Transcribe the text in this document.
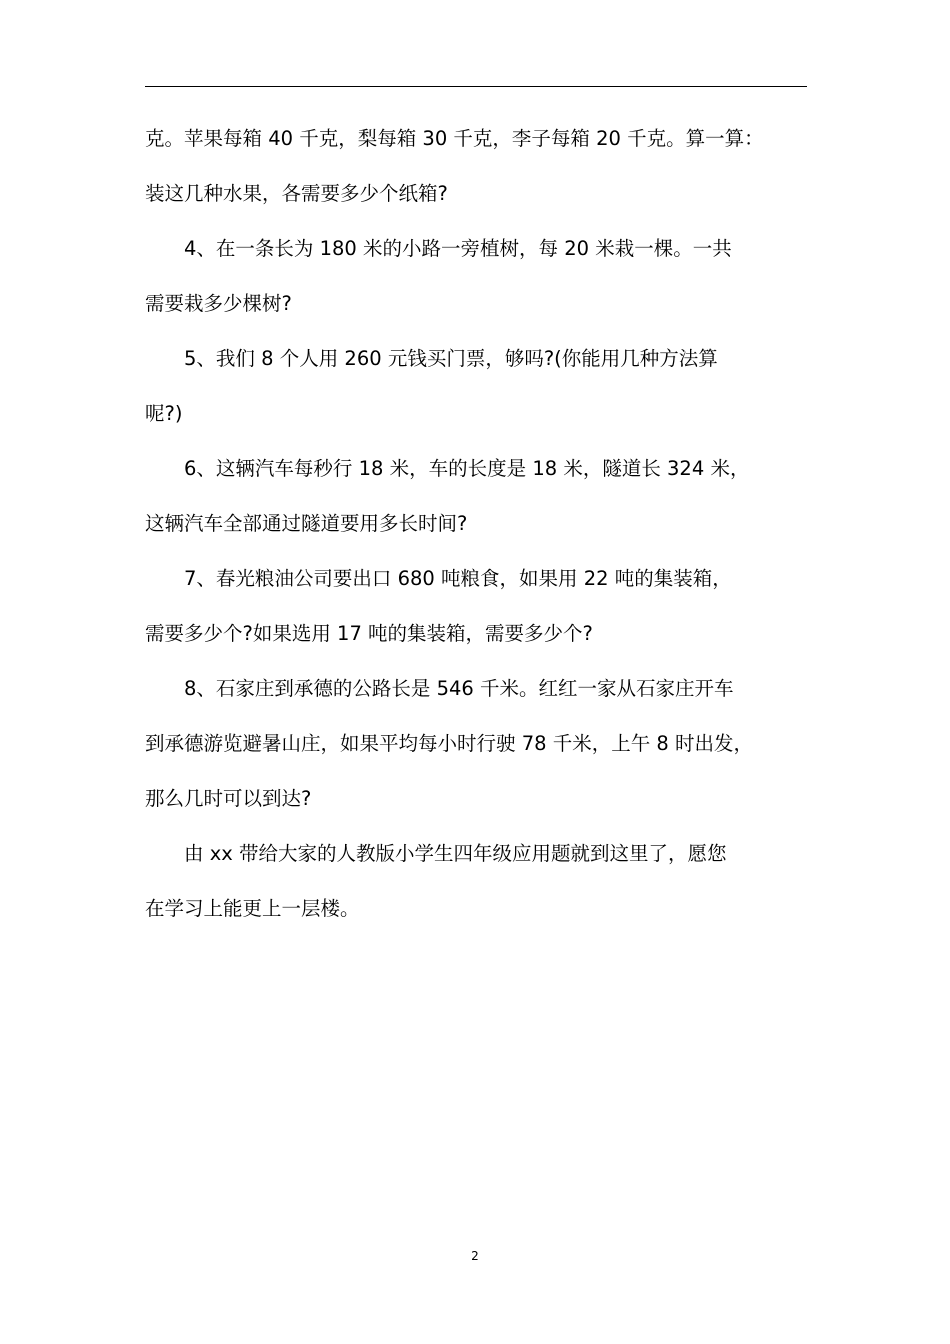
克。苹果每箱 40 千克，梨每箱 30 千克，李子每箱 20 千克。算一算：
装这几种水果，各需要多少个纸箱?
　　4、在一条长为 180 米的小路一旁植树，每 20 米栽一棵。一共
需要栽多少棵树?
　　5、我们 8 个人用 260 元钱买门票，够吗?(你能用几种方法算
呢?)
　　6、这辆汽车每秒行 18 米，车的长度是 18 米，隧道长 324 米，
这辆汽车全部通过隧道要用多长时间?
　　7、春光粮油公司要出口 680 吨粮食，如果用 22 吨的集装箱，
需要多少个?如果选用 17 吨的集装箱，需要多少个?
　　8、石家庄到承德的公路长是 546 千米。红红一家从石家庄开车
到承德游览避暑山庄，如果平均每小时行驶 78 千米，上午 8 时出发，
那么几时可以到达?
　　由 xx 带给大家的人教版小学生四年级应用题就到这里了，愿您
在学习上能更上一层楼。
2
